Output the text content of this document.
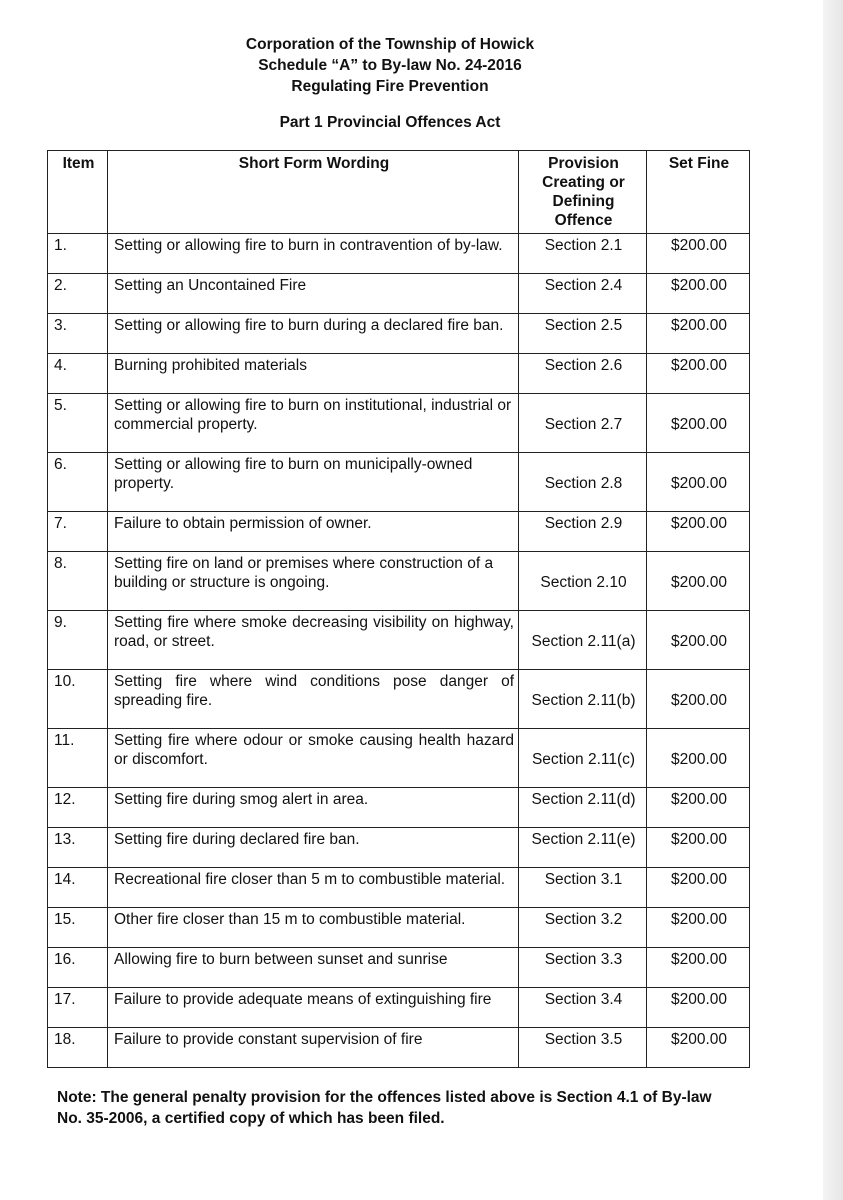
Corporation of the Township of Howick
Schedule “A” to By-law No. 24-2016
Regulating Fire Prevention
Part 1 Provincial Offences Act
Item	Short Form Wording	Provision Creating or Defining Offence	Set Fine
1.	Setting or allowing fire to burn in contravention of by-law.	Section 2.1	$200.00
2.	Setting an Uncontained Fire	Section 2.4	$200.00
3.	Setting or allowing fire to burn during a declared fire ban.	Section 2.5	$200.00
4.	Burning prohibited materials	Section 2.6	$200.00
5.	Setting or allowing fire to burn on institutional, industrial or commercial property.	Section 2.7	$200.00
6.	Setting or allowing fire to burn on municipally-owned property.	Section 2.8	$200.00
7.	Failure to obtain permission of owner.	Section 2.9	$200.00
8.	Setting fire on land or premises where construction of a building or structure is ongoing.	Section 2.10	$200.00
9.	Setting fire where smoke decreasing visibility on highway, road, or street.	Section 2.11(a)	$200.00
10.	Setting fire where wind conditions pose danger of spreading fire.	Section 2.11(b)	$200.00
11.	Setting fire where odour or smoke causing health hazard or discomfort.	Section 2.11(c)	$200.00
12.	Setting fire during smog alert in area.	Section 2.11(d)	$200.00
13.	Setting fire during declared fire ban.	Section 2.11(e)	$200.00
14.	Recreational fire closer than 5 m to combustible material.	Section 3.1	$200.00
15.	Other fire closer than 15 m to combustible material.	Section 3.2	$200.00
16.	Allowing fire to burn between sunset and sunrise	Section 3.3	$200.00
17.	Failure to provide adequate means of extinguishing fire	Section 3.4	$200.00
18.	Failure to provide constant supervision of fire	Section 3.5	$200.00
Note: The general penalty provision for the offences listed above is Section 4.1 of By-law No. 35-2006, a certified copy of which has been filed.
